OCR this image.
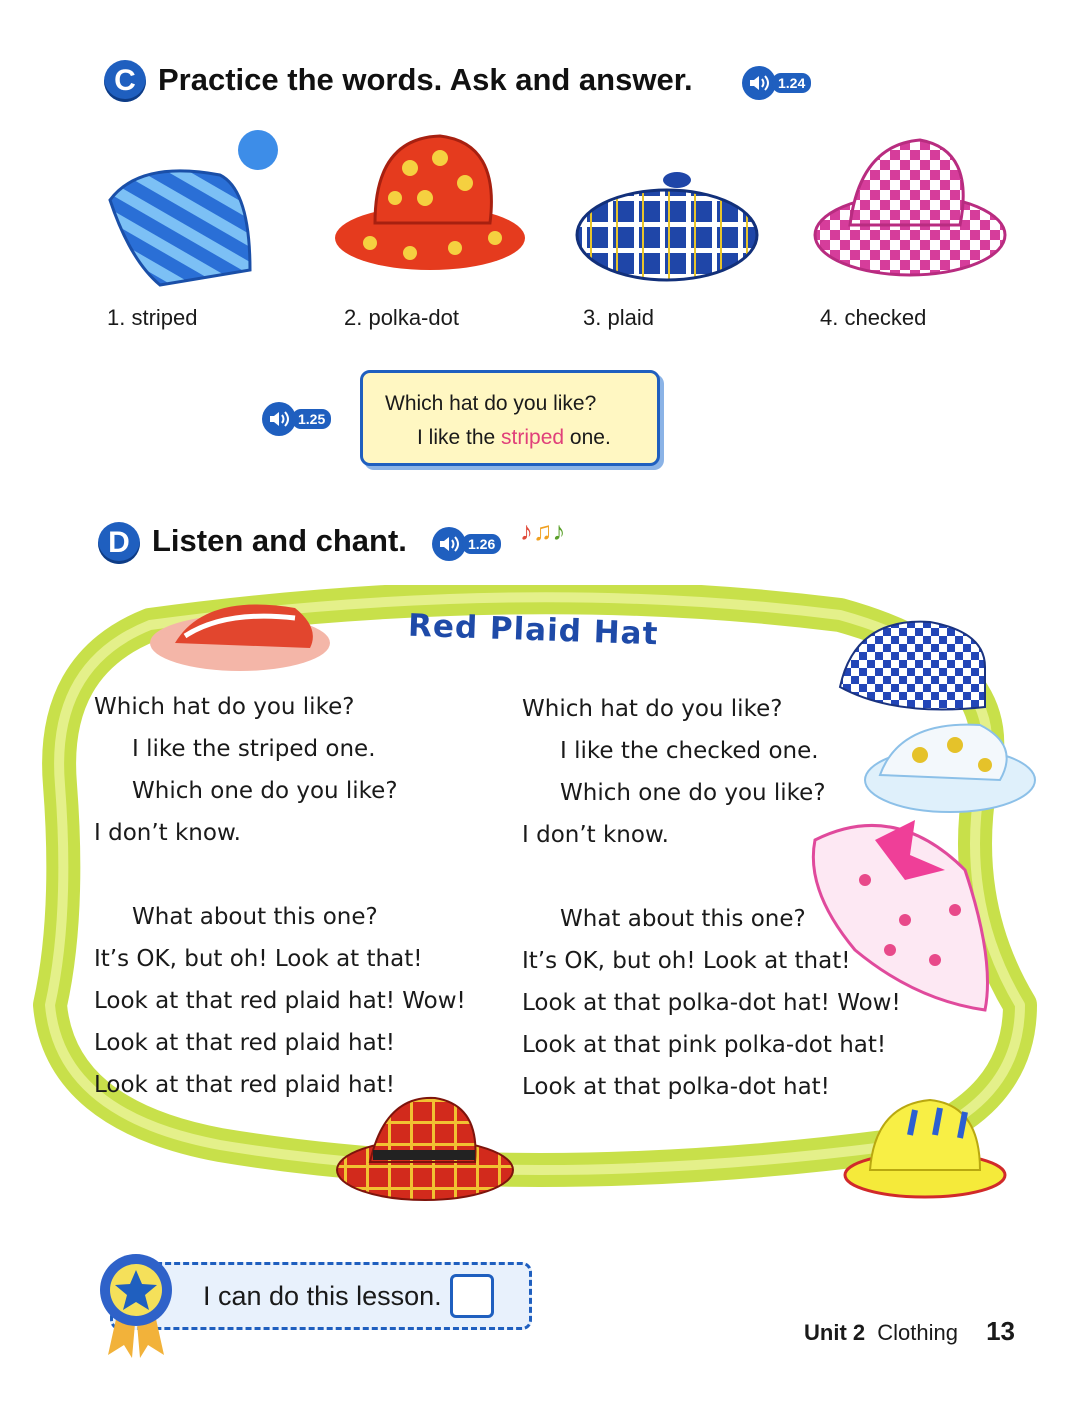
C Practice the words. Ask and answer.	1.24
1. striped	2. polka-dot	3. plaid	4. checked
1.25
Which hat do you like?
I like the striped one.
D Listen and chant.	1.26 ♪♫♪
Red Plaid Hat
Which hat do you like?
I like the striped one.
Which one do you like?
I don’t know.
What about this one?
It’s OK, but oh! Look at that!
Look at that red plaid hat! Wow!
Look at that red plaid hat!
Look at that red plaid hat!
Which hat do you like?
I like the checked one.
Which one do you like?
I don’t know.
What about this one?
It’s OK, but oh! Look at that!
Look at that polka-dot hat! Wow!
Look at that pink polka-dot hat!
Look at that polka-dot hat!
I can do this lesson.
Unit 2 Clothing 13
